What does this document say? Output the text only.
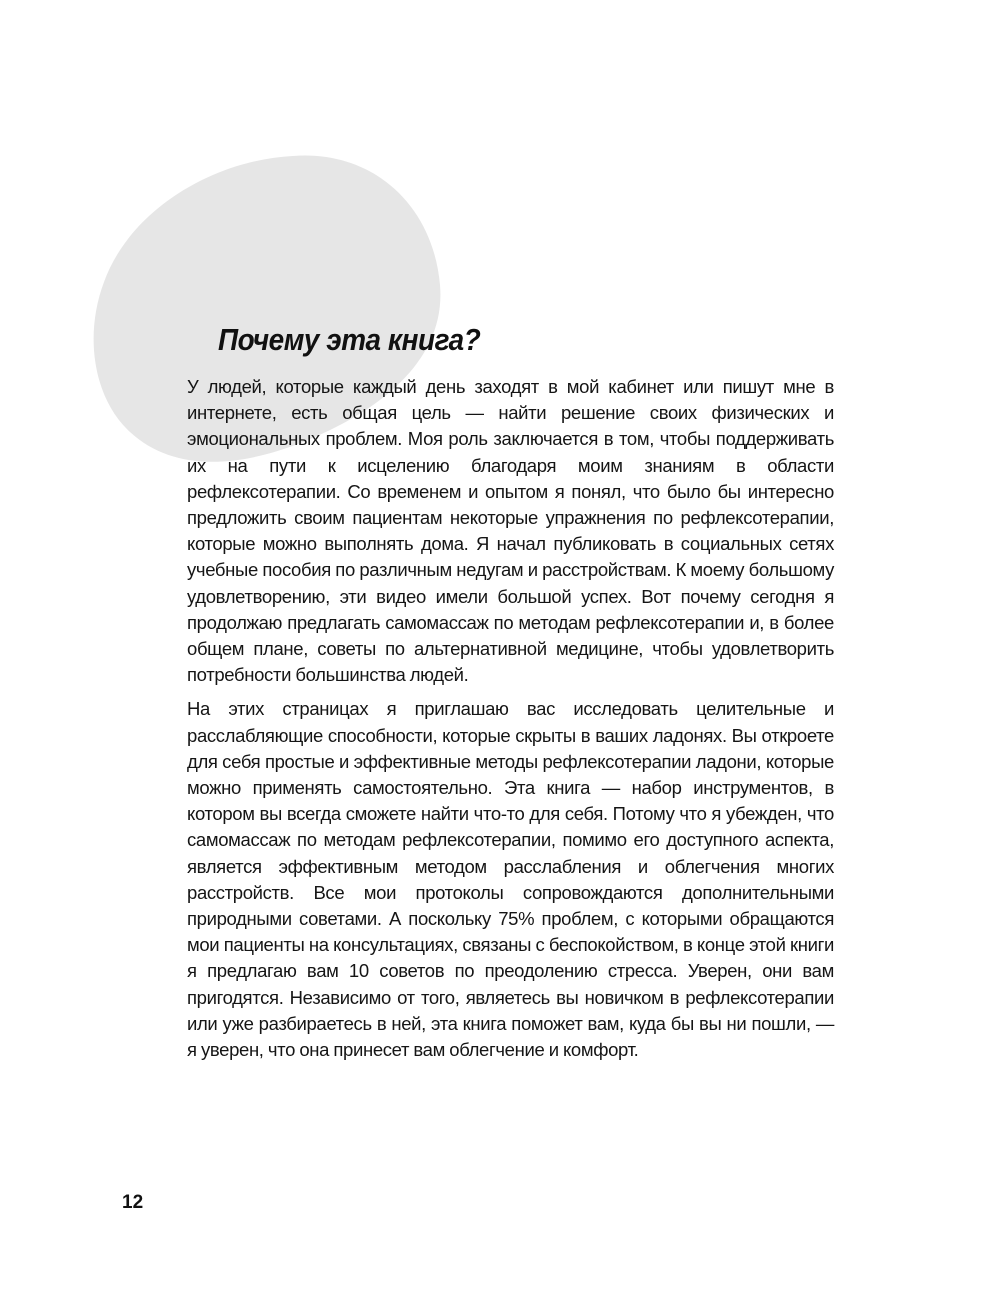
Почему эта книга?

У людей, которые каждый день заходят в мой кабинет или пишут мне в интернете, есть общая цель — найти решение своих физических и эмоциональных проблем. Моя роль заключается в том, чтобы поддерживать их на пути к исцелению благодаря моим знаниям в области рефлексотерапии. Со временем и опытом я понял, что было бы интересно предложить своим пациентам некоторые упражнения по рефлексотерапии, которые можно выполнять дома. Я начал публиковать в социальных сетях учебные пособия по различным недугам и расстройствам. К моему большому удовлетворению, эти видео имели большой успех. Вот почему сегодня я продолжаю предлагать самомассаж по методам рефлексотерапии и, в более общем плане, советы по альтернативной медицине, чтобы удовлетворить потребности большинства людей.

На этих страницах я приглашаю вас исследовать целительные и расслабляющие способности, которые скрыты в ваших ладонях. Вы откроете для себя простые и эффективные методы рефлексотерапии ладони, которые можно применять самостоятельно. Эта книга — набор инструментов, в котором вы всегда сможете найти что-то для себя. Потому что я убежден, что самомассаж по методам рефлексотерапии, помимо его доступного аспекта, является эффективным методом расслабления и облегчения многих расстройств. Все мои протоколы сопровождаются дополнительными природными советами. А поскольку 75% проблем, с которыми обращаются мои пациенты на консультациях, связаны с беспокойством, в конце этой книги я предлагаю вам 10 советов по преодолению стресса. Уверен, они вам пригодятся. Независимо от того, являетесь вы новичком в рефлексотерапии или уже разбираетесь в ней, эта книга поможет вам, куда бы вы ни пошли, — я уверен, что она принесет вам облегчение и комфорт.

12
